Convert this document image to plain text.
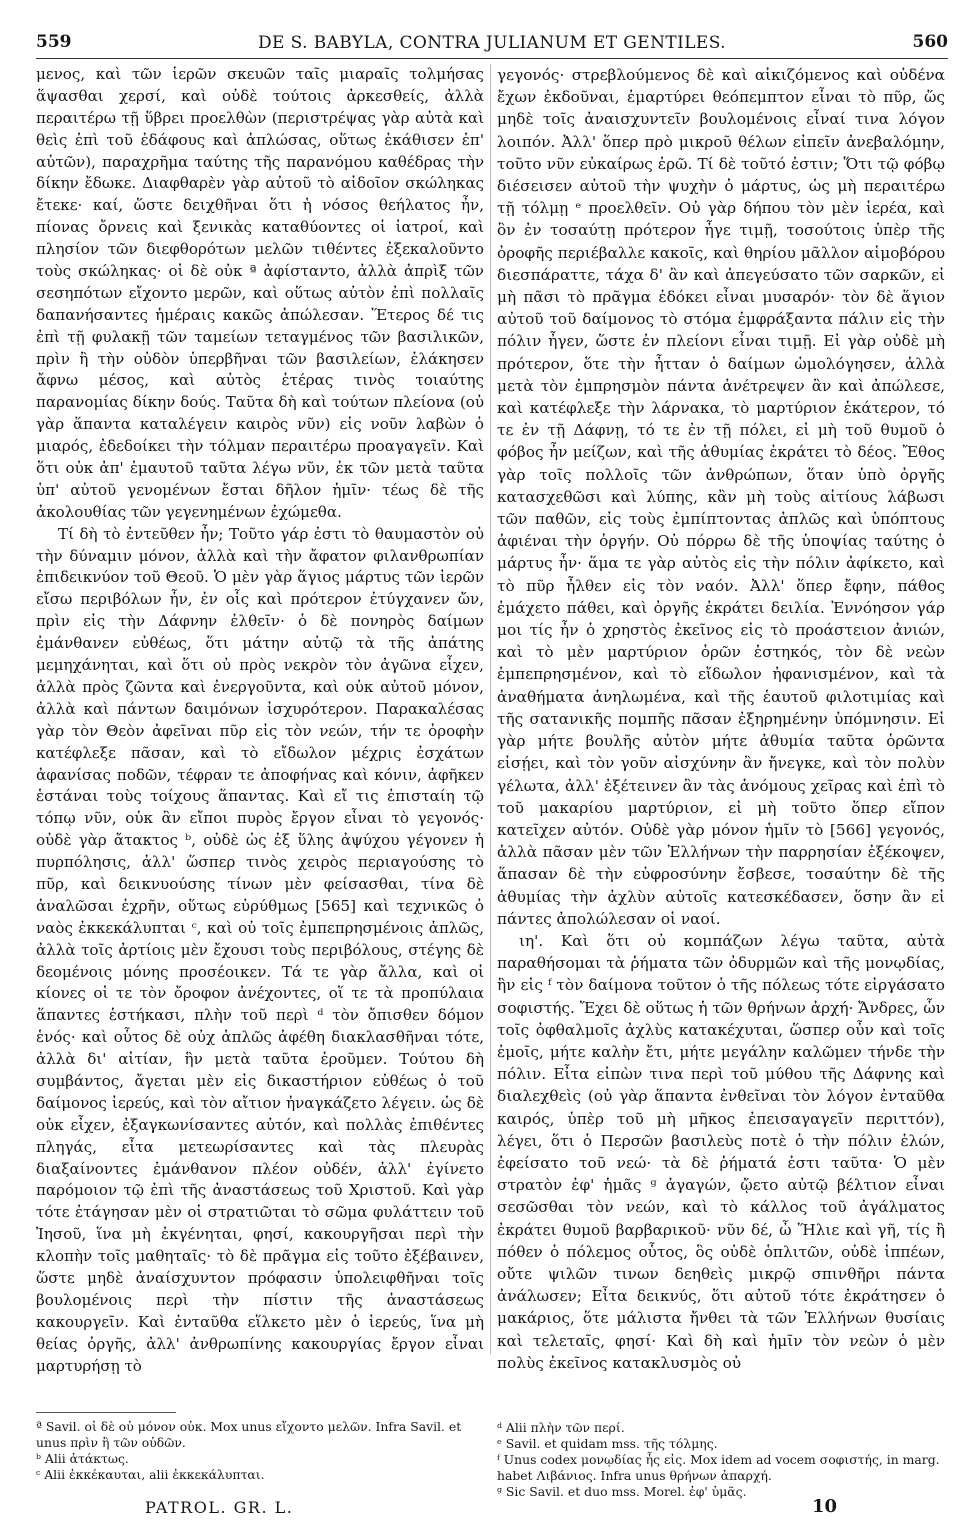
559	DE S. BABYLA, CONTRA JULIANUM ET GENTILES.	560

μενος, καὶ τῶν ἱερῶν σκευῶν ταῖς μιαραῖς τολμήσας ἅψασθαι χερσί, καὶ οὐδὲ τούτοις ἀρκεσθείς, ἀλλὰ περαιτέρω τῇ ὕβρει προελθὼν (περιστρέψας γὰρ αὐτὰ καὶ θεὶς ἐπὶ τοῦ ἐδάφους καὶ ἁπλώσας, οὕτως ἐκάθισεν ἐπ' αὐτῶν), παραχρῆμα ταύτης τῆς παρανόμου καθέδρας τὴν δίκην ἔδωκε. Διαφθαρὲν γὰρ αὐτοῦ τὸ αἰδοῖον σκώληκας ἔτεκε· καί, ὥστε δειχθῆναι ὅτι ἡ νόσος θεήλατος ἦν, πίονας ὄρνεις καὶ ξενικὰς καταθύοντες οἱ ἰατροί, καὶ πλησίον τῶν διεφθορότων μελῶν τιθέντες ἐξεκαλοῦντο τοὺς σκώληκας· οἱ δὲ οὐκ ª ἀφίσταντο, ἀλλὰ ἀπρὶξ τῶν σεσηπότων εἴχοντο μερῶν, καὶ οὕτως αὐτὸν ἐπὶ πολλαῖς δαπανήσαντες ἡμέραις κακῶς ἀπώλεσαν. Ἕτερος δέ τις ἐπὶ τῇ φυλακῇ τῶν ταμείων τεταγμένος τῶν βασιλικῶν, πρὶν ἢ τὴν οὐδὸν ὑπερβῆναι τῶν βασιλείων, ἐλάκησεν ἄφνω μέσος, καὶ αὐτὸς ἑτέρας τινὸς τοιαύτης παρανομίας δίκην δούς. Ταῦτα δὴ καὶ τούτων πλείονα (οὐ γὰρ ἅπαντα καταλέγειν καιρὸς νῦν) εἰς νοῦν λαβὼν ὁ μιαρός, ἐδεδοίκει τὴν τόλμαν περαιτέρω προαγαγεῖν. Καὶ ὅτι οὐκ ἀπ' ἐμαυτοῦ ταῦτα λέγω νῦν, ἐκ τῶν μετὰ ταῦτα ὑπ' αὐτοῦ γενομένων ἔσται δῆλον ἡμῖν· τέως δὲ τῆς ἀκολουθίας τῶν γεγενημένων ἐχώμεθα.

Τί δὴ τὸ ἐντεῦθεν ἦν; Τοῦτο γάρ ἐστι τὸ θαυμαστὸν οὐ τὴν δύναμιν μόνον, ἀλλὰ καὶ τὴν ἄφατον φιλανθρωπίαν ἐπιδεικνύον τοῦ Θεοῦ. Ὁ μὲν γὰρ ἅγιος μάρτυς τῶν ἱερῶν εἴσω περιβόλων ἦν, ἐν οἷς καὶ πρότερον ἐτύγχανεν ὤν, πρὶν εἰς τὴν Δάφνην ἐλθεῖν· ὁ δὲ πονηρὸς δαίμων ἐμάνθανεν εὐθέως, ὅτι μάτην αὐτῷ τὰ τῆς ἀπάτης μεμηχάνηται, καὶ ὅτι οὐ πρὸς νεκρὸν τὸν ἀγῶνα εἶχεν, ἀλλὰ πρὸς ζῶντα καὶ ἐνεργοῦντα, καὶ οὐκ αὐτοῦ μόνον, ἀλλὰ καὶ πάντων δαιμόνων ἰσχυρότερον. Παρακαλέσας γὰρ τὸν Θεὸν ἀφεῖναι πῦρ εἰς τὸν νεών, τήν τε ὀροφὴν κατέφλεξε πᾶσαν, καὶ τὸ εἴδωλον μέχρις ἐσχάτων ἀφανίσας ποδῶν, τέφραν τε ἀποφήνας καὶ κόνιν, ἀφῆκεν ἑστάναι τοὺς τοίχους ἅπαντας. Καὶ εἴ τις ἐπισταίη τῷ τόπῳ νῦν, οὐκ ἂν εἴποι πυρὸς ἔργον εἶναι τὸ γεγονός· οὐδὲ γὰρ ἄτακτος ᵇ, οὐδὲ ὡς ἐξ ὕλης ἀψύχου γέγονεν ἡ πυρπόλησις, ἀλλ' ὥσπερ τινὸς χειρὸς περιαγούσης τὸ πῦρ, καὶ δεικνυούσης τίνων μὲν φείσασθαι, τίνα δὲ ἀναλῶσαι ἐχρῆν, οὕτως εὐρύθμως [565] καὶ τεχνικῶς ὁ ναὸς ἐκκεκάλυπται ᶜ, καὶ οὐ τοῖς ἐμπεπρησμένοις ἁπλῶς, ἀλλὰ τοῖς ἀρτίοις μὲν ἔχουσι τοὺς περιβόλους, στέγης δὲ δεομένοις μόνης προσέοικεν. Τά τε γὰρ ἄλλα, καὶ οἱ κίονες οἱ τε τὸν ὄροφον ἀνέχοντες, οἵ τε τὰ προπύλαια ἅπαντες ἑστήκασι, πλὴν τοῦ περὶ ᵈ τὸν ὄπισθεν δόμον ἑνός· καὶ οὗτος δὲ οὐχ ἁπλῶς ἀφέθη διακλασθῆναι τότε, ἀλλὰ δι' αἰτίαν, ἣν μετὰ ταῦτα ἐροῦμεν. Τούτου δὴ συμβάντος, ἄγεται μὲν εἰς δικαστήριον εὐθέως ὁ τοῦ δαίμονος ἱερεύς, καὶ τὸν αἴτιον ἠναγκάζετο λέγειν. ὡς δὲ οὐκ εἶχεν, ἐξαγκωνίσαντες αὐτόν, καὶ πολλὰς ἐπιθέντες πληγάς, εἶτα μετεωρίσαντες καὶ τὰς πλευρὰς διαξαίνοντες ἐμάνθανον πλέον οὐδέν, ἀλλ' ἐγίνετο παρόμοιον τῷ ἐπὶ τῆς ἀναστάσεως τοῦ Χριστοῦ. Καὶ γὰρ τότε ἐτάγησαν μὲν οἱ στρατιῶται τὸ σῶμα φυλάττειν τοῦ Ἰησοῦ, ἵνα μὴ ἐκγένηται, φησί, κακουργῆσαι περὶ τὴν κλοπὴν τοῖς μαθηταῖς· τὸ δὲ πρᾶγμα εἰς τοῦτο ἐξέβαινεν, ὥστε μηδὲ ἀναίσχυντον πρόφασιν ὑπολειφθῆναι τοῖς βουλομένοις περὶ τὴν πίστιν τῆς ἀναστάσεως κακουργεῖν. Καὶ ἐνταῦθα εἵλκετο μὲν ὁ ἱερεύς, ἵνα μὴ θείας ὀργῆς, ἀλλ' ἀνθρωπίνης κακουργίας ἔργον εἶναι μαρτυρήσῃ τὸ

γεγονός· στρεβλούμενος δὲ καὶ αἰκιζόμενος καὶ οὐδένα ἔχων ἐκδοῦναι, ἐμαρτύρει θεόπεμπτον εἶναι τὸ πῦρ, ὥς μηδὲ τοῖς ἀναισχυντεῖν βουλομένοις εἶναί τινα λόγον λοιπόν. Ἀλλ' ὅπερ πρὸ μικροῦ θέλων εἰπεῖν ἀνεβαλόμην, τοῦτο νῦν εὐκαίρως ἐρῶ. Τί δὲ τοῦτό ἐστιν; Ὅτι τῷ φόβῳ διέσεισεν αὐτοῦ τὴν ψυχὴν ὁ μάρτυς, ὡς μὴ περαιτέρω τῇ τόλμῃ ᵉ προελθεῖν. Οὐ γὰρ δήπου τὸν μὲν ἱερέα, καὶ ὃν ἐν τοσαύτῃ πρότερον ἦγε τιμῇ, τοσούτοις ὑπὲρ τῆς ὀροφῆς περιέβαλλε κακοῖς, καὶ θηρίου μᾶλλον αἱμοβόρου διεσπάραττε, τάχα δ' ἂν καὶ ἀπεγεύσατο τῶν σαρκῶν, εἰ μὴ πᾶσι τὸ πρᾶγμα ἐδόκει εἶναι μυσαρόν· τὸν δὲ ἅγιον αὐτοῦ τοῦ δαίμονος τὸ στόμα ἐμφράξαντα πάλιν εἰς τὴν πόλιν ἦγεν, ὥστε ἐν πλείονι εἶναι τιμῇ. Εἰ γὰρ οὐδὲ μὴ πρότερον, ὅτε τὴν ἧτταν ὁ δαίμων ὡμολόγησεν, ἀλλὰ μετὰ τὸν ἐμπρησμὸν πάντα ἀνέτρεψεν ἂν καὶ ἀπώλεσε, καὶ κατέφλεξε τὴν λάρνακα, τὸ μαρτύριον ἑκάτερον, τό τε ἐν τῇ Δάφνῃ, τό τε ἐν τῇ πόλει, εἰ μὴ τοῦ θυμοῦ ὁ φόβος ἦν μείζων, καὶ τῆς ἀθυμίας ἐκράτει τὸ δέος. Ἔθος γὰρ τοῖς πολλοῖς τῶν ἀνθρώπων, ὅταν ὑπὸ ὀργῆς κατασχεθῶσι καὶ λύπης, κἂν μὴ τοὺς αἰτίους λάβωσι τῶν παθῶν, εἰς τοὺς ἐμπίπτοντας ἁπλῶς καὶ ὑπόπτους ἀφιέναι τὴν ὀργήν. Οὐ πόρρω δὲ τῆς ὑποψίας ταύτης ὁ μάρτυς ἦν· ἅμα τε γὰρ αὐτὸς εἰς τὴν πόλιν ἀφίκετο, καὶ τὸ πῦρ ἦλθεν εἰς τὸν ναόν. Ἀλλ' ὅπερ ἔφην, πάθος ἐμάχετο πάθει, καὶ ὀργῆς ἐκράτει δειλία. Ἐννόησον γάρ μοι τίς ἦν ὁ χρηστὸς ἐκεῖνος εἰς τὸ προάστειον ἀνιών, καὶ τὸ μὲν μαρτύριον ὁρῶν ἑστηκός, τὸν δὲ νεὼν ἐμπεπρησμένον, καὶ τὸ εἴδωλον ἠφανισμένον, καὶ τὰ ἀναθήματα ἀνηλωμένα, καὶ τῆς ἑαυτοῦ φιλοτιμίας καὶ τῆς σατανικῆς πομπῆς πᾶσαν ἐξηρημένην ὑπόμνησιν. Εἰ γὰρ μήτε βουλῆς αὐτὸν μήτε ἀθυμία ταῦτα ὁρῶντα εἰσῄει, καὶ τὸν γοῦν αἰσχύνην ἂν ἤνεγκε, καὶ τὸν πολὺν γέλωτα, ἀλλ' ἐξέτεινεν ἂν τὰς ἀνόμους χεῖρας καὶ ἐπὶ τὸ τοῦ μακαρίου μαρτύριον, εἰ μὴ τοῦτο ὅπερ εἴπον κατεῖχεν αὐτόν. Οὐδὲ γὰρ μόνον ἡμῖν τὸ [566] γεγονός, ἀλλὰ πᾶσαν μὲν τῶν Ἑλλήνων τὴν παρρησίαν ἐξέκοψεν, ἅπασαν δὲ τὴν εὐφροσύνην ἔσβεσε, τοσαύτην δὲ τῆς ἀθυμίας τὴν ἀχλὺν αὐτοῖς κατεσκέδασεν, ὅσην ἂν εἰ πάντες ἀπολώλεσαν οἱ ναοί.

ιη'. Καὶ ὅτι οὐ κομπάζων λέγω ταῦτα, αὐτὰ παραθήσομαι τὰ ῥήματα τῶν ὀδυρμῶν καὶ τῆς μονῳδίας, ἣν εἰς ᶠ τὸν δαίμονα τοῦτον ὁ τῆς πόλεως τότε εἰργάσατο σοφιστής. Ἔχει δὲ οὕτως ἡ τῶν θρήνων ἀρχή· Ἄνδρες, ὧν τοῖς ὀφθαλμοῖς ἀχλὺς κατακέχυται, ὥσπερ οὖν καὶ τοῖς ἐμοῖς, μήτε καλὴν ἔτι, μήτε μεγάλην καλῶμεν τήνδε τὴν πόλιν. Εἶτα εἰπὼν τινα περὶ τοῦ μύθου τῆς Δάφνης καὶ διαλεχθεὶς (οὐ γὰρ ἅπαντα ἐνθεῖναι τὸν λόγον ἐνταῦθα καιρός, ὑπὲρ τοῦ μὴ μῆκος ἐπεισαγαγεῖν περιττόν), λέγει, ὅτι ὁ Περσῶν βασιλεὺς ποτὲ ὁ τὴν πόλιν ἑλών, ἐφείσατο τοῦ νεώ· τὰ δὲ ῥήματά ἐστι ταῦτα· Ὁ μὲν στρατὸν ἐφ' ἡμᾶς ᵍ ἀγαγών, ᾤετο αὐτῷ βέλτιον εἶναι σεσῶσθαι τὸν νεών, καὶ τὸ κάλλος τοῦ ἀγάλματος ἐκράτει θυμοῦ βαρβαρικοῦ· νῦν δέ, ὦ Ἥλιε καὶ γῆ, τίς ἢ πόθεν ὁ πόλεμος οὗτος, ὃς οὐδὲ ὁπλιτῶν, οὐδὲ ἱππέων, οὔτε ψιλῶν τινων δεηθεὶς μικρῷ σπινθῆρι πάντα ἀνάλωσεν; Εἶτα δεικνύς, ὅτι αὐτοῦ τότε ἐκράτησεν ὁ μακάριος, ὅτε μάλιστα ἤνθει τὰ τῶν Ἑλλήνων θυσίαις καὶ τελεταῖς, φησί· Καὶ δὴ καὶ ἡμῖν τὸν νεὼν ὁ μὲν πολὺς ἐκεῖνος κατακλυσμὸς οὐ

ª Savil. οἱ δὲ οὐ μόνον οὐκ. Mox unus εἴχοντο μελῶν. Infra Savil. et unus πρὶν ἢ τῶν οὐδῶν.
ᵇ Alii ἀτάκτως.
ᶜ Alii ἐκκέκαυται, alii ἐκκεκάλυπται.
ᵈ Alii πλὴν τῶν περί.
ᵉ Savil. et quidam mss. τῆς τόλμης.
ᶠ Unus codex μονῳδίας ἧς εἰς. Mox idem ad vocem σοφιστής, in marg. habet Λιβάνιος. Infra unus θρήνων ἀπαρχή.
ᵍ Sic Savil. et duo mss. Morel. ἐφ' ὑμᾶς.
PATROL. GR. L.	10
